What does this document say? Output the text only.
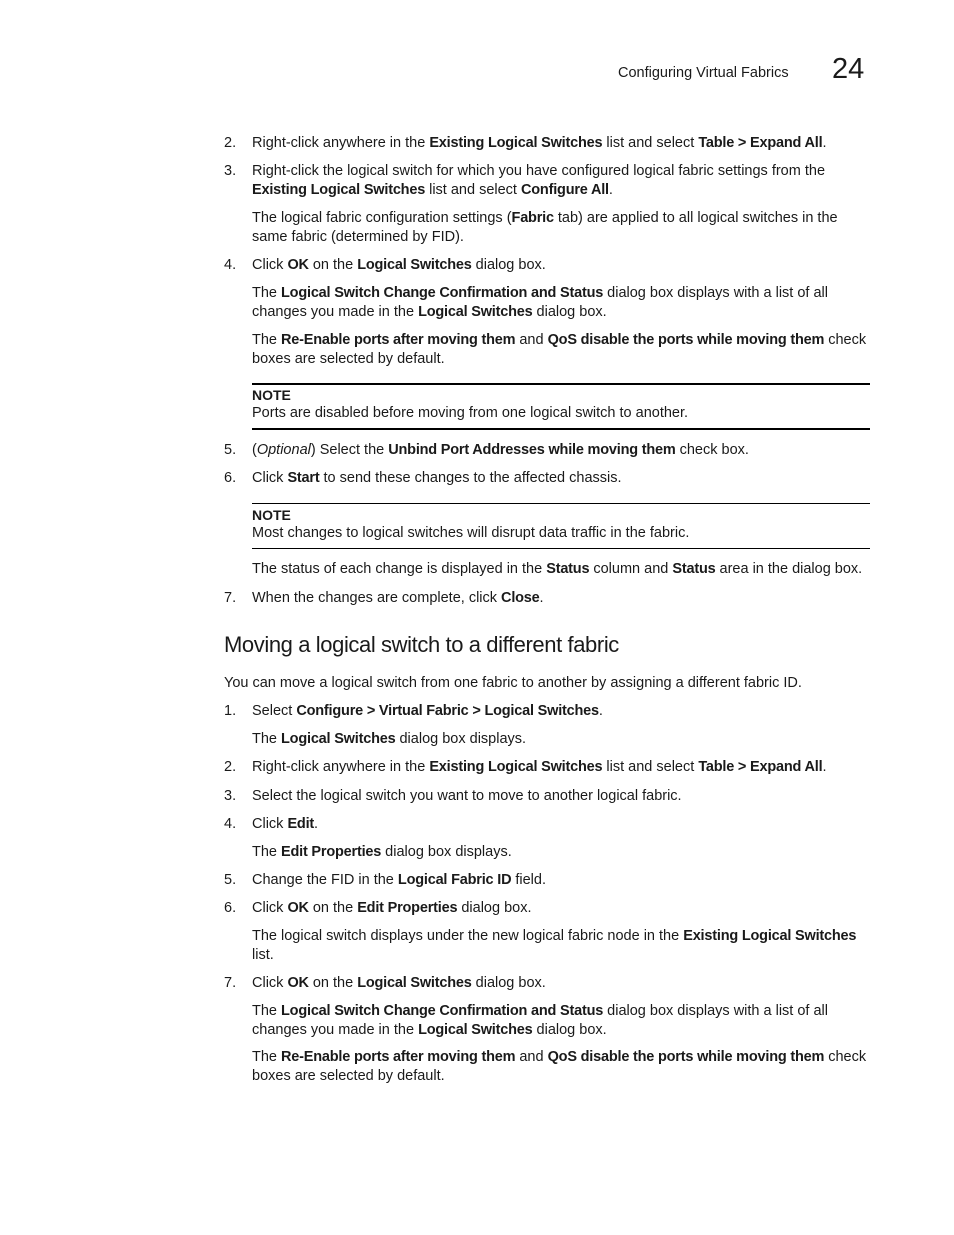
Configuring Virtual Fabrics 24
2. Right-click anywhere in the Existing Logical Switches list and select Table > Expand All.
3. Right-click the logical switch for which you have configured logical fabric settings from the Existing Logical Switches list and select Configure All.
The logical fabric configuration settings (Fabric tab) are applied to all logical switches in the same fabric (determined by FID).
4. Click OK on the Logical Switches dialog box.
The Logical Switch Change Confirmation and Status dialog box displays with a list of all changes you made in the Logical Switches dialog box.
The Re-Enable ports after moving them and QoS disable the ports while moving them check boxes are selected by default.
NOTE
Ports are disabled before moving from one logical switch to another.
5. (Optional) Select the Unbind Port Addresses while moving them check box.
6. Click Start to send these changes to the affected chassis.
NOTE
Most changes to logical switches will disrupt data traffic in the fabric.
The status of each change is displayed in the Status column and Status area in the dialog box.
7. When the changes are complete, click Close.
Moving a logical switch to a different fabric
You can move a logical switch from one fabric to another by assigning a different fabric ID.
1. Select Configure > Virtual Fabric > Logical Switches.
The Logical Switches dialog box displays.
2. Right-click anywhere in the Existing Logical Switches list and select Table > Expand All.
3. Select the logical switch you want to move to another logical fabric.
4. Click Edit.
The Edit Properties dialog box displays.
5. Change the FID in the Logical Fabric ID field.
6. Click OK on the Edit Properties dialog box.
The logical switch displays under the new logical fabric node in the Existing Logical Switches list.
7. Click OK on the Logical Switches dialog box.
The Logical Switch Change Confirmation and Status dialog box displays with a list of all changes you made in the Logical Switches dialog box.
The Re-Enable ports after moving them and QoS disable the ports while moving them check boxes are selected by default.
